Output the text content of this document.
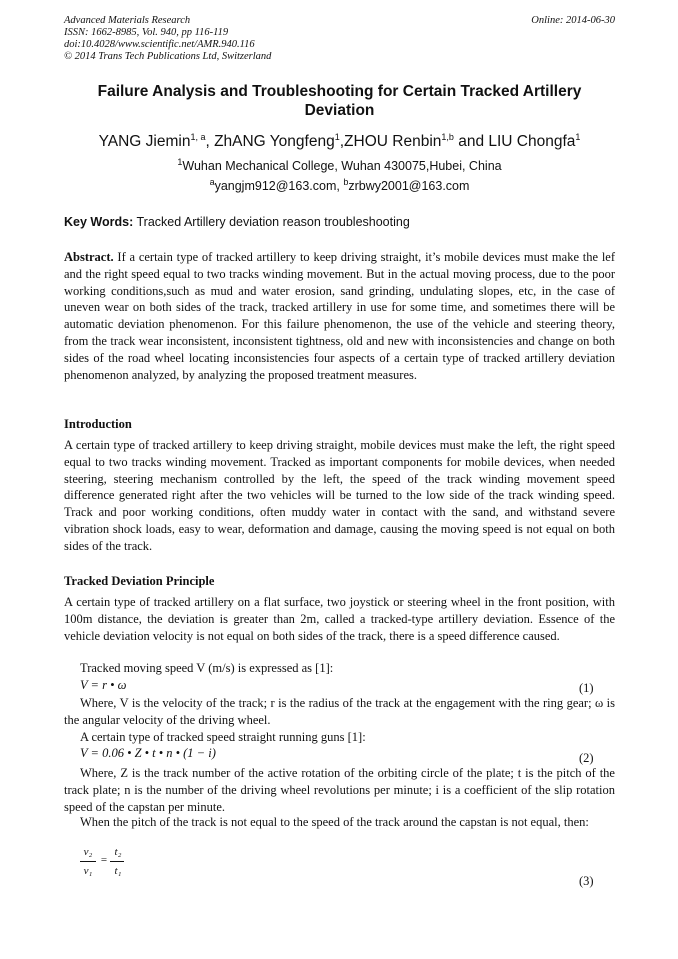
Advanced Materials Research
ISSN: 1662-8985, Vol. 940, pp 116-119
doi:10.4028/www.scientific.net/AMR.940.116
© 2014 Trans Tech Publications Ltd, Switzerland
Online: 2014-06-30
Failure Analysis and Troubleshooting for Certain Tracked Artillery Deviation
YANG Jiemin$^{1, a}$, ZhANG Yongfeng$^1$,ZHOU Renbin$^{1,b}$ and LIU Chongfa$^1$
$^1$Wuhan Mechanical College, Wuhan 430075,Hubei, China
$^a$yangjm912@163.com, $^b$zrbwy2001@163.com
Key Words: Tracked Artillery deviation reason troubleshooting
Abstract. If a certain type of tracked artillery to keep driving straight, it’s mobile devices must make the lef and the right speed equal to two tracks winding movement. But in the actual moving process, due to the poor working conditions,such as mud and water erosion, sand grinding, undulating slopes, etc, in the case of uneven wear on both sides of the track, tracked artillery in use for some time, and sometimes there will be automatic deviation phenomenon. For this failure phenomenon, the use of the vehicle and steering theory, from the track wear inconsistent, inconsistent tightness, old and new with inconsistencies and change on both sides of the road wheel locating inconsistencies four aspects of a certain type of tracked artillery deviation phenomenon analyzed, by analyzing the proposed treatment measures.
Introduction
A certain type of tracked artillery to keep driving straight, mobile devices must make the left, the right speed equal to two tracks winding movement. Tracked as important components for mobile devices, when needed steering, steering mechanism controlled by the left, the speed of the track winding movement speed difference generated right after the two vehicles will be turned to the low side of the track winding speed. Track and poor working conditions, often muddy water in contact with the sand, and withstand severe vibration shock loads, easy to wear, deformation and damage, causing the moving speed is not equal on both sides of the track.
Tracked Deviation Principle
A certain type of tracked artillery on a flat surface, two joystick or steering wheel in the front position, with 100m distance, the deviation is greater than 2m, called a tracked-type artillery deviation. Essence of the vehicle deviation velocity is not equal on both sides of the track, there is a speed difference caused.
Tracked moving speed V (m/s) is expressed as [1]:
V = r • ω	(1)
Where, V is the velocity of the track; r is the radius of the track at the engagement with the ring gear; ω is the angular velocity of the driving wheel.
A certain type of tracked speed straight running guns [1]:
V = 0.06 • Z • t • n • (1 − i)	(2)
Where, Z is the track number of the active rotation of the orbiting circle of the plate; t is the pitch of the track plate; n is the number of the driving wheel revolutions per minute; i is a coefficient of the slip rotation speed of the capstan per minute.
When the pitch of the track is not equal to the speed of the track around the capstan is not equal, then:
v₂
v₁
=
t₂
t₁
(3)
